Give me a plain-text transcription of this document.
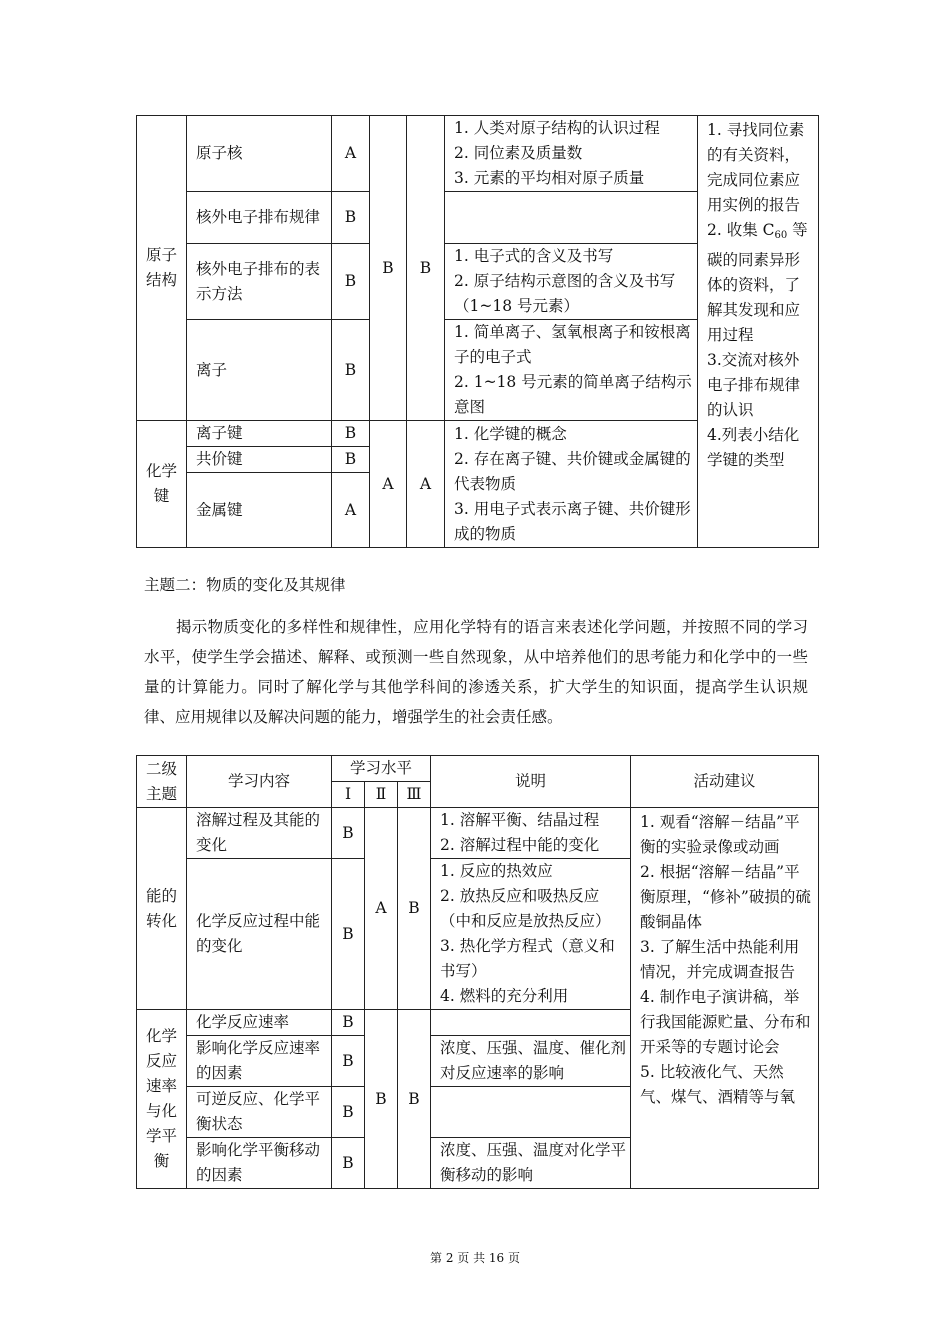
原子
结构	原子核	A	B	B	1. 人类对原子结构的认识过程
2. 同位素及质量数
3. 元素的平均相对原子质量	1. 寻找同位素的有关资料，完成同位素应用实例的报告
2. 收集 $C_{60}$ 等碳的同素异形体的资料，了解其发现和应用过程
3.交流对核外电子排布规律的认识
4.列表小结化学键的类型

	核外电子排布规律	B				
	核外电子排布的表示方法	B			1. 电子式的含义及书写
2. 原子结构示意图的含义及书写（1~18 号元素）	

	离子	B			1. 简单离子、氢氧根离子和铵根离子的电子式
2. 1~18 号元素的简单离子结构示意图	

化学
键	离子键	B	A	A	1. 化学键的概念
2. 存在离子键、共价键或金属键的代表物质
3. 用电子式表示离子键、共价键形成的物质	

	共价键	B				
	金属键	A				
主题二：物质的变化及其规律
揭示物质变化的多样性和规律性，应用化学特有的语言来表述化学问题，并按照不同的学习水平，使学生学会描述、解释、或预测一些自然现象，从中培养他们的思考能力和化学中的一些量的计算能力。同时了解化学与其他学科间的渗透关系，扩大学生的知识面，提高学生认识规律、应用规律以及解决问题的能力，增强学生的社会责任感。
二级主题	学习内容	学习水平			说明	活动建议
		Ⅰ	Ⅱ	Ⅲ		

能的
转化	溶解过程及其能的变化	B	A	B	1. 溶解平衡、结晶过程
2. 溶解过程中能的变化	1. 观看“溶解－结晶”平衡的实验录像或动画
2. 根据“溶解－结晶”平衡原理，“修补”破损的硫酸铜晶体
3. 了解生活中热能利用情况，并完成调查报告
4. 制作电子演讲稿，举行我国能源贮量、分布和开采等的专题讨论会
5. 比较液化气、天然气、煤气、酒精等与氧

	化学反应过程中能的变化	B			1. 反应的热效应
2. 放热反应和吸热反应（中和反应是放热反应）
3. 热化学方程式（意义和书写）
4. 燃料的充分利用	

化学反应速率与化学平衡	化学反应速率	B	B	B		
	影响化学反应速率的因素	B			浓度、压强、温度、催化剂对反应速率的影响	
	可逆反应、化学平衡状态	B				
	影响化学平衡移动的因素	B			浓度、压强、温度对化学平衡移动的影响	
第 2 页 共 16 页
